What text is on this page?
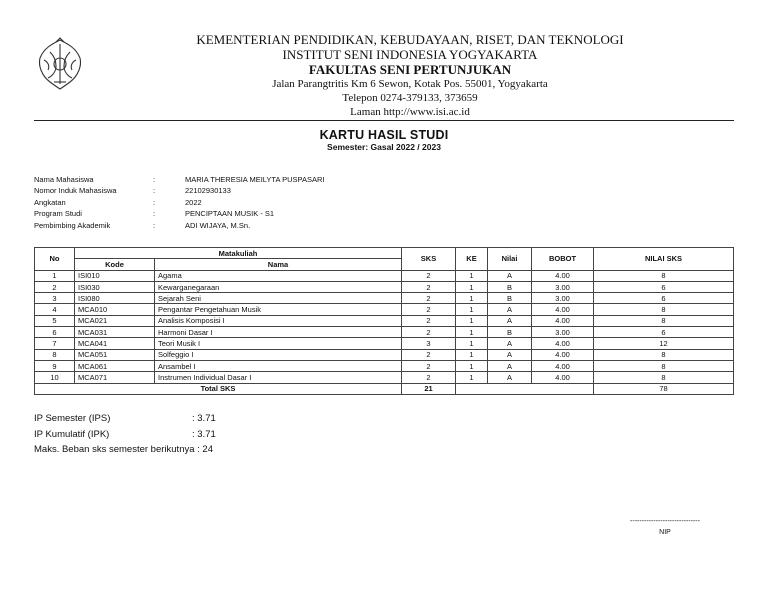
KEMENTERIAN PENDIDIKAN, KEBUDAYAAN, RISET, DAN TEKNOLOGI
INSTITUT SENI INDONESIA YOGYAKARTA
FAKULTAS SENI PERTUNJUKAN
Jalan Parangtritis Km 6 Sewon, Kotak Pos. 55001, Yogyakarta
Telepon 0274-379133, 373659
Laman http://www.isi.ac.id
KARTU HASIL STUDI
Semester: Gasal 2022 / 2023
Nama Mahasiswa	:	MARIA THERESIA MEILYTA PUSPASARI
Nomor Induk Mahasiswa	:	22102930133
Angkatan	:	2022
Program Studi	:	PENCIPTAAN MUSIK - S1
Pembimbing Akademik	:	ADI WIJAYA, M.Sn.
No	Matakuliah		SKS	KE	Nilai	BOBOT	NILAI SKS
	Kode	Nama					
1	ISI010	Agama	2	1	A	4.00	8
2	ISI030	Kewarganegaraan	2	1	B	3.00	6
3	ISI080	Sejarah Seni	2	1	B	3.00	6
4	MCA010	Pengantar Pengetahuan Musik	2	1	A	4.00	8
5	MCA021	Analisis Komposisi I	2	1	A	4.00	8
6	MCA031	Harmoni Dasar I	2	1	B	3.00	6
7	MCA041	Teori Musik I	3	1	A	4.00	12
8	MCA051	Solfeggio I	2	1	A	4.00	8
9	MCA061	Ansambel I	2	1	A	4.00	8
10	MCA071	Instrumen Individual Dasar I	2	1	A	4.00	8
Total SKS			21				78
IP Semester (IPS)	: 3.71
IP Kumulatif (IPK)	: 3.71
Maks. Beban sks semester berikutnya
: 24
------------------------------
NIP
